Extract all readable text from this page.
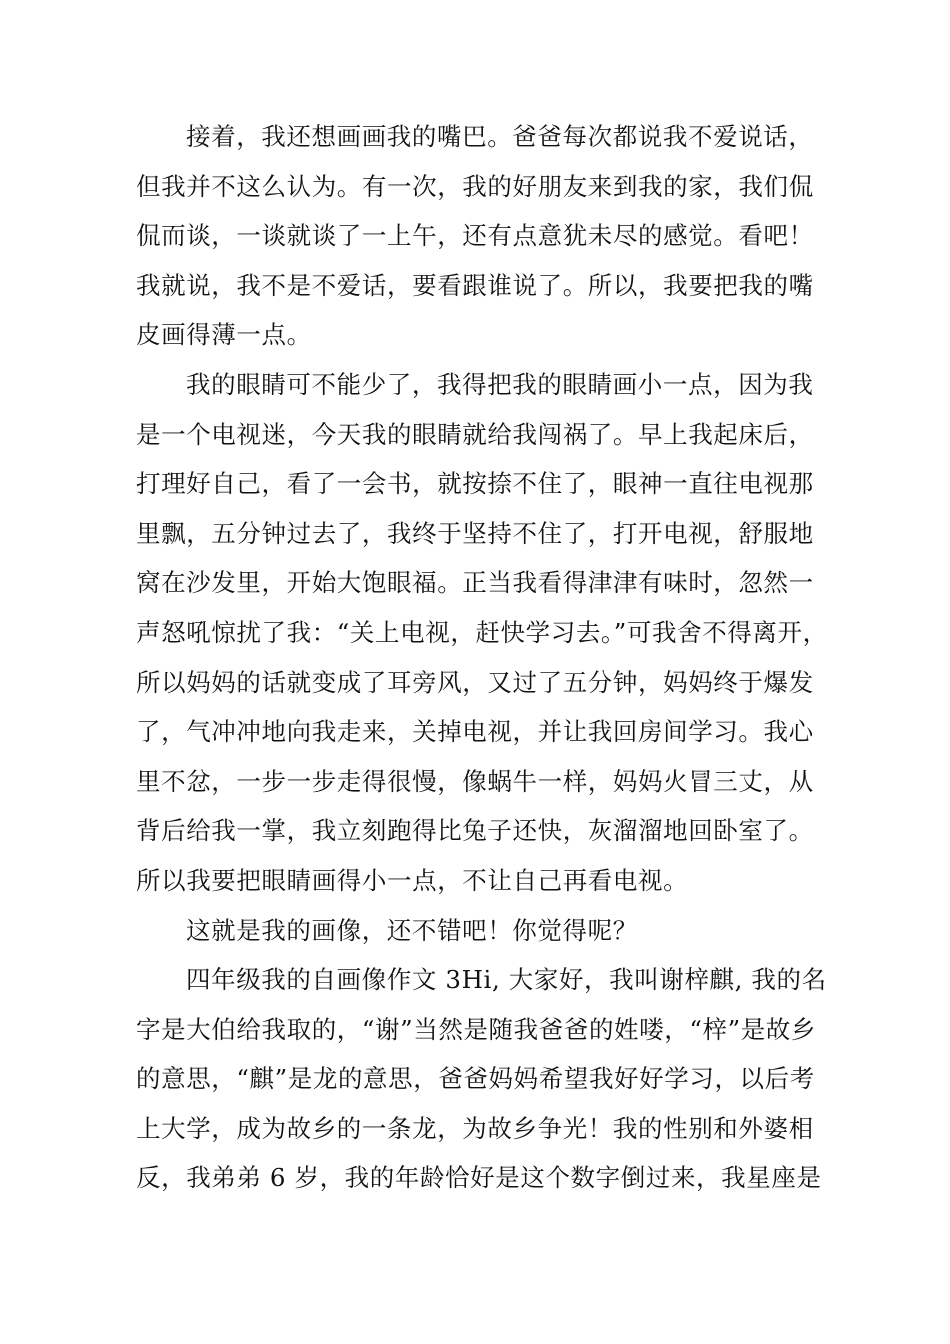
接着，我还想画画我的嘴巴。爸爸每次都说我不爱说话，
但我并不这么认为。有一次，我的好朋友来到我的家，我们侃
侃而谈，一谈就谈了一上午，还有点意犹未尽的感觉。看吧！
我就说，我不是不爱话，要看跟谁说了。所以，我要把我的嘴
皮画得薄一点。
我的眼睛可不能少了，我得把我的眼睛画小一点，因为我
是一个电视迷，今天我的眼睛就给我闯祸了。早上我起床后，
打理好自己，看了一会书，就按捺不住了，眼神一直往电视那
里飘，五分钟过去了，我终于坚持不住了，打开电视，舒服地
窝在沙发里，开始大饱眼福。正当我看得津津有味时，忽然一
声怒吼惊扰了我：“关上电视，赶快学习去。”可我舍不得离开，
所以妈妈的话就变成了耳旁风，又过了五分钟，妈妈终于爆发
了，气冲冲地向我走来，关掉电视，并让我回房间学习。我心
里不忿，一步一步走得很慢，像蜗牛一样，妈妈火冒三丈，从
背后给我一掌，我立刻跑得比兔子还快，灰溜溜地回卧室了。
所以我要把眼睛画得小一点，不让自己再看电视。
这就是我的画像，还不错吧！你觉得呢？
四年级我的自画像作文 3Hi, 大家好，我叫谢梓麒, 我的名
字是大伯给我取的，“谢”当然是随我爸爸的姓喽，“梓”是故乡
的意思，“麒”是龙的意思，爸爸妈妈希望我好好学习，以后考
上大学，成为故乡的一条龙，为故乡争光！我的性别和外婆相
反，我弟弟 6 岁，我的年龄恰好是这个数字倒过来，我星座是
